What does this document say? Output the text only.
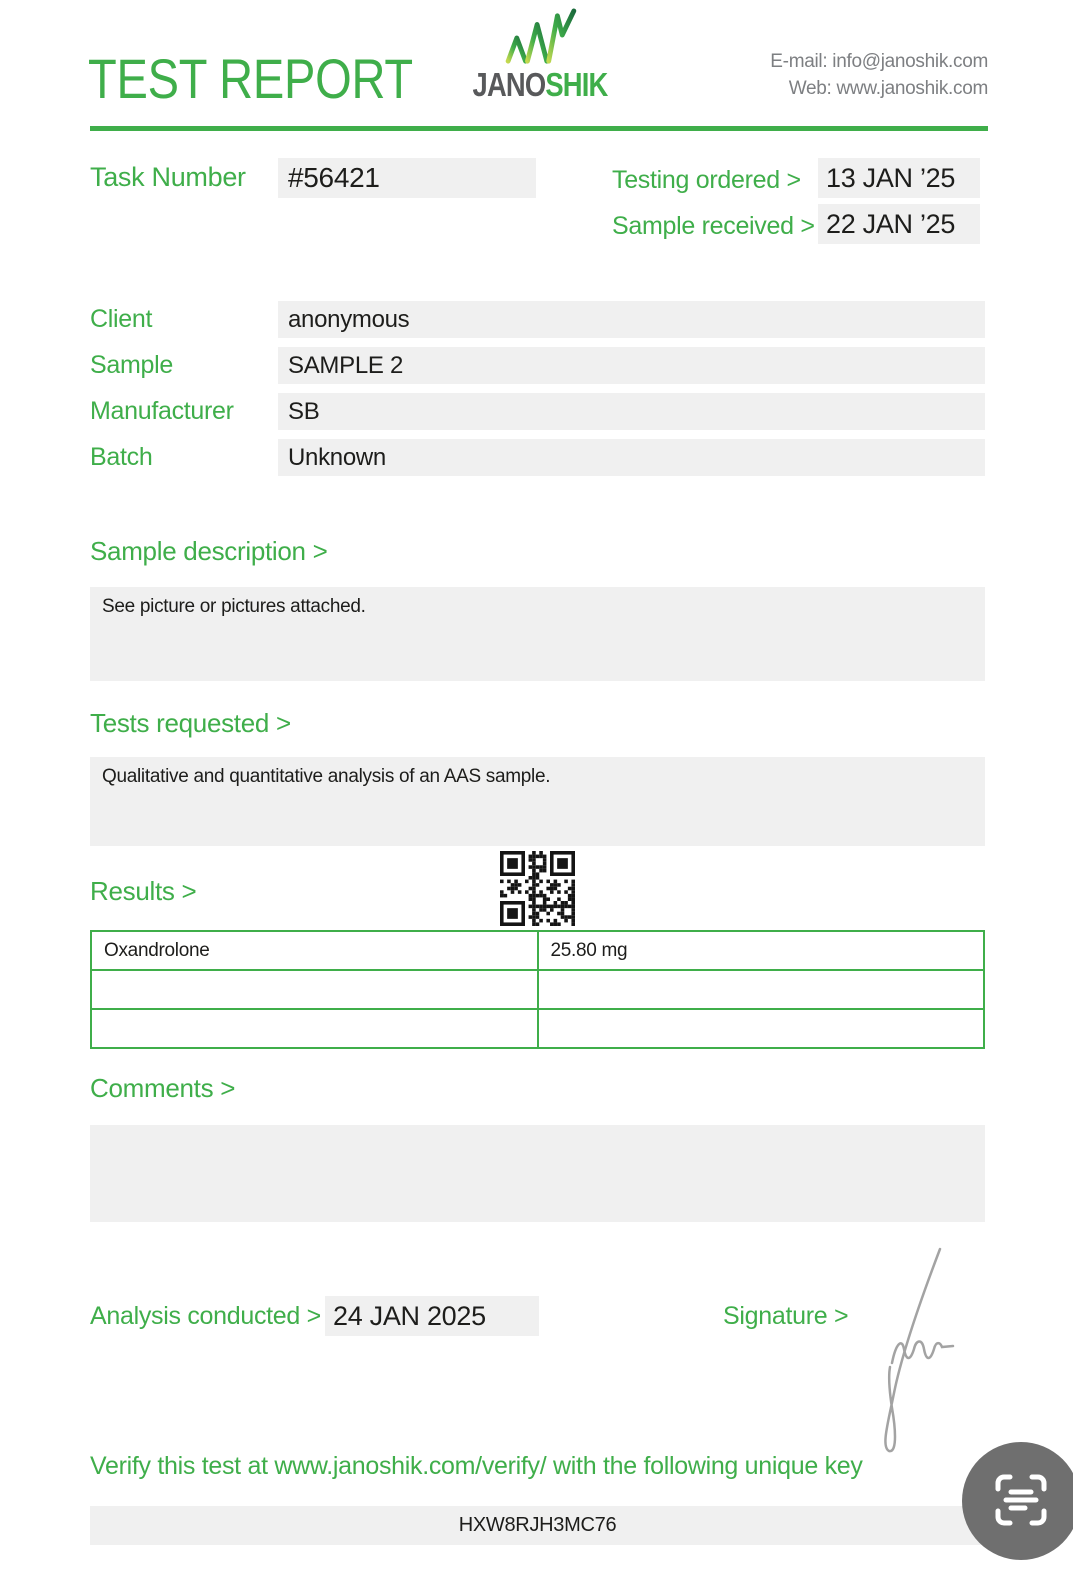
TEST REPORT JANOSHIK
E-mail: info@janoshik.com
Web: www.janoshik.com
Task Number	#56421	Testing ordered > 13 JAN ’25
Sample received > 22 JAN ’25
Client	anonymous
Sample	SAMPLE 2
Manufacturer	SB
Batch	Unknown
Sample description >
See picture or pictures attached.
Tests requested >
Qualitative and quantitative analysis of an AAS sample.
Results >
Oxandrolone	25.80 mg

Comments >
Analysis conducted > 24 JAN 2025	Signature >
Verify this test at www.janoshik.com/verify/ with the following unique key
HXW8RJH3MC76
